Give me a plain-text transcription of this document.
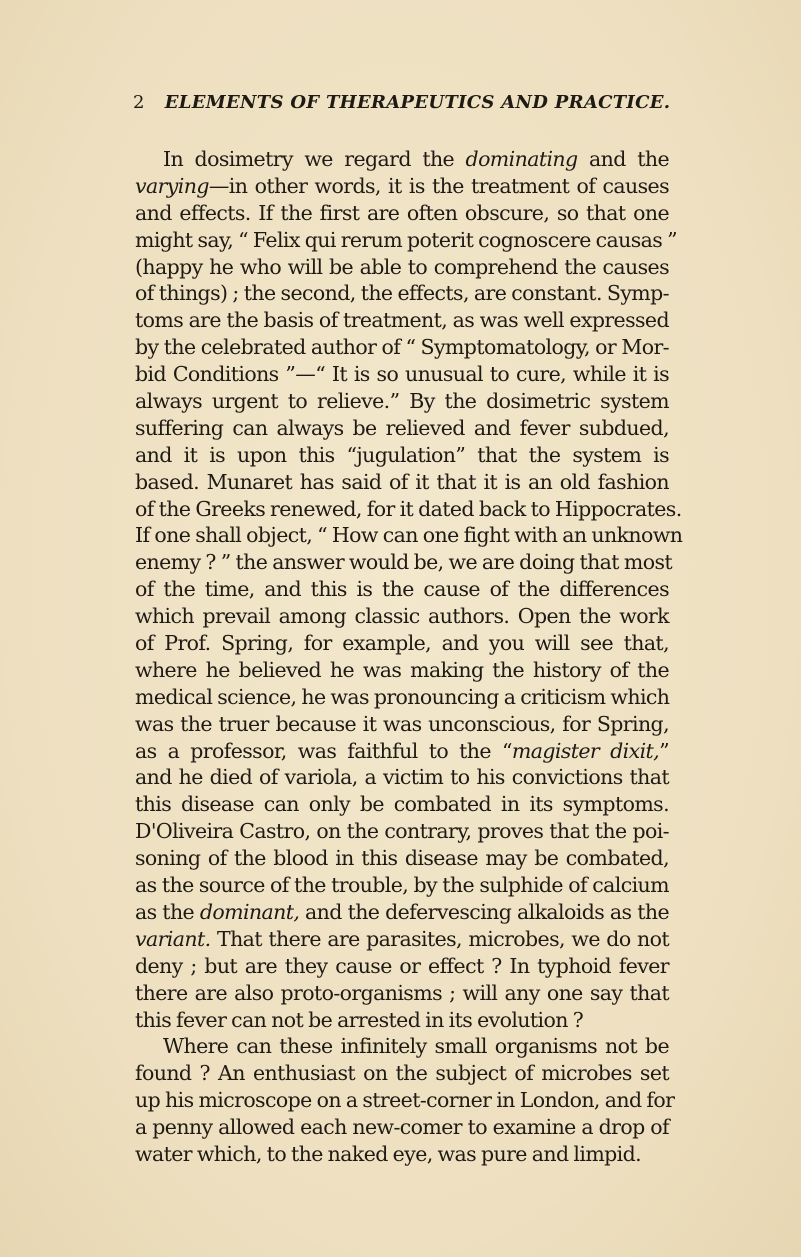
2 ELEMENTS OF THERAPEUTICS AND PRACTICE.
In dosimetry we regard the dominating and the
varying—in other words, it is the treatment of causes
and effects. If the first are often obscure, so that one
might say, “ Felix qui rerum poterit cognoscere causas ”
(happy he who will be able to comprehend the causes
of things) ; the second, the effects, are constant. Symp-
toms are the basis of treatment, as was well expressed
by the celebrated author of “ Symptomatology, or Mor-
bid Conditions ”—“ It is so unusual to cure, while it is
always urgent to relieve.” By the dosimetric system
suffering can always be relieved and fever subdued,
and it is upon this “jugulation” that the system is
based. Munaret has said of it that it is an old fashion
of the Greeks renewed, for it dated back to Hippocrates.
If one shall object, “ How can one fight with an unknown
enemy ? ” the answer would be, we are doing that most
of the time, and this is the cause of the differences
which prevail among classic authors. Open the work
of Prof. Spring, for example, and you will see that,
where he believed he was making the history of the
medical science, he was pronouncing a criticism which
was the truer because it was unconscious, for Spring,
as a professor, was faithful to the “magister dixit,”
and he died of variola, a victim to his convictions that
this disease can only be combated in its symptoms.
D'Oliveira Castro, on the contrary, proves that the poi-
soning of the blood in this disease may be combated,
as the source of the trouble, by the sulphide of calcium
as the dominant, and the defervescing alkaloids as the
variant. That there are parasites, microbes, we do not
deny ; but are they cause or effect ? In typhoid fever
there are also proto-organisms ; will any one say that
this fever can not be arrested in its evolution ?
Where can these infinitely small organisms not be
found ? An enthusiast on the subject of microbes set
up his microscope on a street-corner in London, and for
a penny allowed each new-comer to examine a drop of
water which, to the naked eye, was pure and limpid.
